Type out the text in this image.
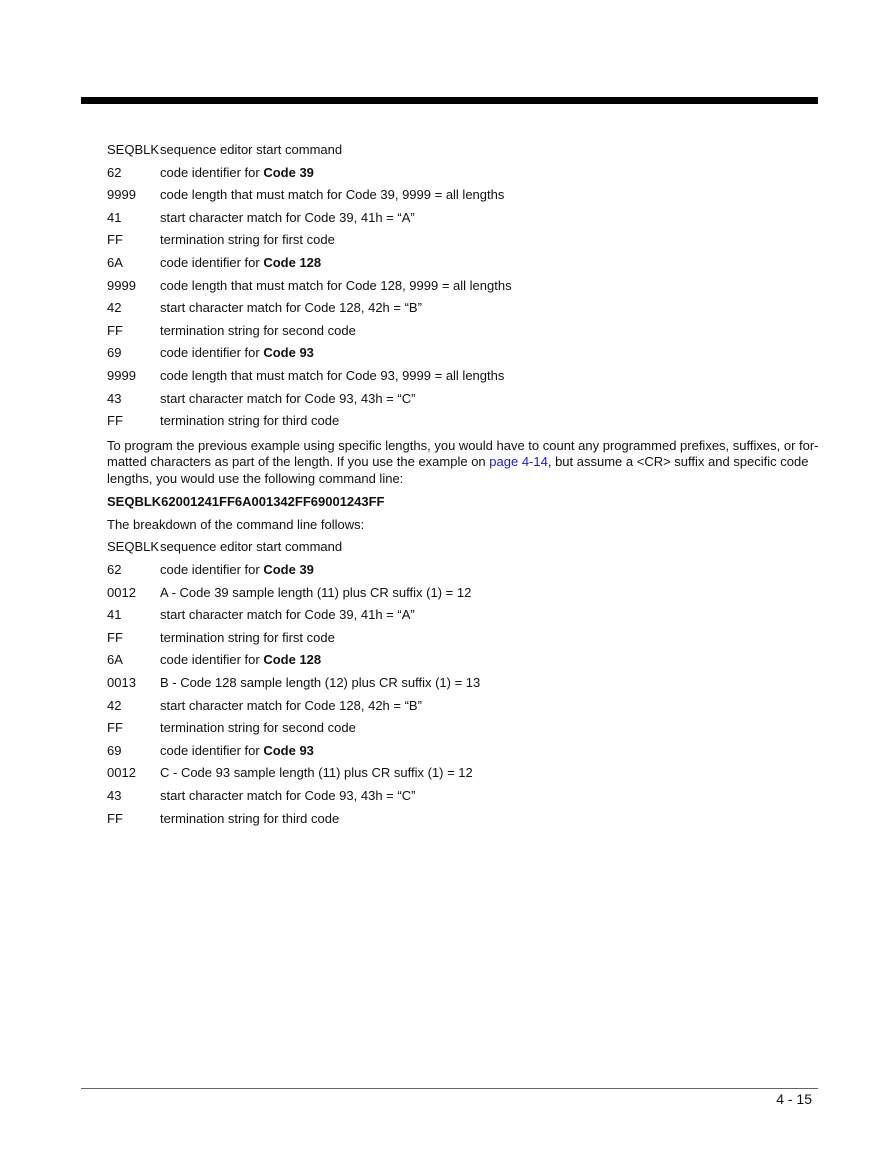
SEQBLK sequence editor start command
62	code identifier for Code 39
9999	code length that must match for Code 39, 9999 = all lengths
41	start character match for Code 39, 41h = “A”
FF	termination string for first code
6A	code identifier for Code 128
9999	code length that must match for Code 128, 9999 = all lengths
42	start character match for Code 128, 42h = “B”
FF	termination string for second code
69	code identifier for Code 93
9999	code length that must match for Code 93, 9999 = all lengths
43	start character match for Code 93, 43h = “C”
FF	termination string for third code
To program the previous example using specific lengths, you would have to count any programmed prefixes, suffixes, or for-matted characters as part of the length. If you use the example on page 4-14, but assume a <CR> suffix and specific code lengths, you would use the following command line:
SEQBLK62001241FF6A001342FF69001243FF
The breakdown of the command line follows:
SEQBLK sequence editor start command
62	code identifier for Code 39
0012	A - Code 39 sample length (11) plus CR suffix (1) = 12
41	start character match for Code 39, 41h = “A”
FF	termination string for first code
6A	code identifier for Code 128
0013	B - Code 128 sample length (12) plus CR suffix (1) = 13
42	start character match for Code 128, 42h = “B”
FF	termination string for second code
69	code identifier for Code 93
0012	C - Code 93 sample length (11) plus CR suffix (1) = 12
43	start character match for Code 93, 43h = “C”
FF	termination string for third code
4 - 15
